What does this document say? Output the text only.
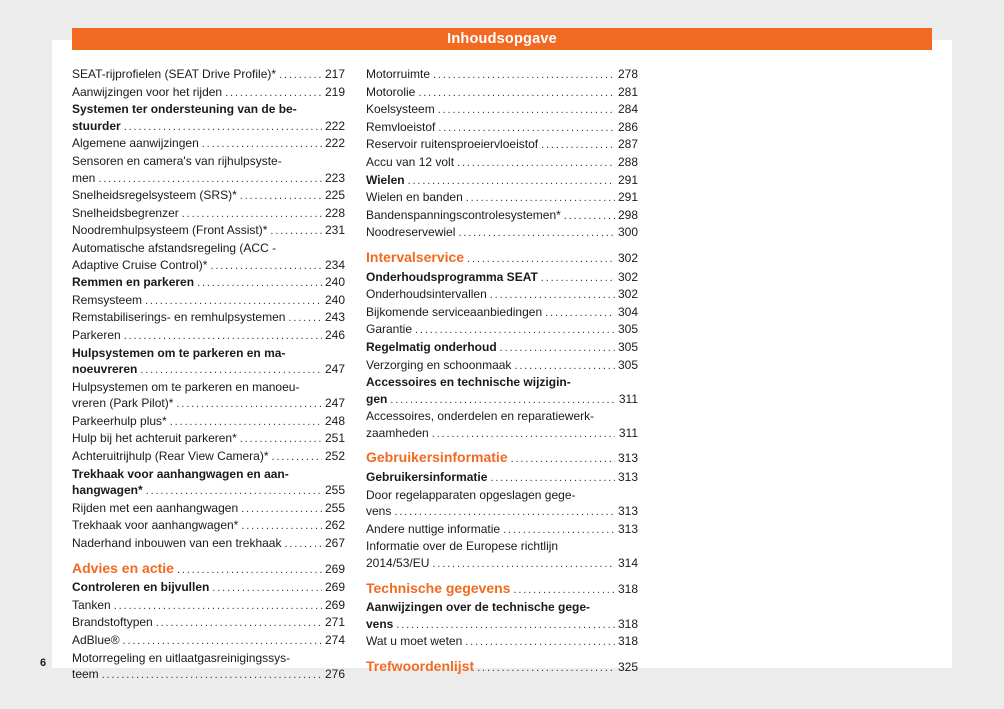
Inhoudsopgave
SEAT-rijprofielen (SEAT Drive Profile)* . . .	217
Aanwijzingen voor het rijden . . .	219
Systemen ter ondersteuning van de be-
stuurder . . .	222
Algemene aanwijzingen . . .	222
Sensoren en camera's van rijhulpsyste-
men . . .	223
Snelheidsregelsysteem (SRS)* . . .	225
Snelheidsbegrenzer . . .	228
Noodremhulpsysteem (Front Assist)* . . .	231
Automatische afstandsregeling (ACC -
Adaptive Cruise Control)* . . .	234
Remmen en parkeren . . .	240
Remsysteem . . .	240
Remstabiliserings- en remhulpsystemen . . .	243
Parkeren . . .	246
Hulpsystemen om te parkeren en ma-
noeuvreren . . .	247
Hulpsystemen om te parkeren en manoeu-
vreren (Park Pilot)* . . .	247
Parkeerhulp plus* . . .	248
Hulp bij het achteruit parkeren* . . .	251
Achteruitrijhulp (Rear View Camera)* . . .	252
Trekhaak voor aanhangwagen en aan-
hangwagen* . . .	255
Rijden met een aanhangwagen . . .	255
Trekhaak voor aanhangwagen* . . .	262
Naderhand inbouwen van een trekhaak . . .	267
Advies en actie . . .	269
Controleren en bijvullen . . .	269
Tanken . . .	269
Brandstoftypen . . .	271
AdBlue® . . .	274
Motorregeling en uitlaatgasreinigingssys-
teem . . .	276
Motorruimte . . .	278
Motorolie . . .	281
Koelsysteem . . .	284
Remvloeistof . . .	286
Reservoir ruitensproeiervloeistof . . .	287
Accu van 12 volt . . .	288
Wielen . . .	291
Wielen en banden . . .	291
Bandenspanningscontrolesystemen* . . .	298
Noodreservewiel . . .	300
Intervalservice . . .	302
Onderhoudsprogramma SEAT . . .	302
Onderhoudsintervallen . . .	302
Bijkomende serviceaanbiedingen . . .	304
Garantie . . .	305
Regelmatig onderhoud . . .	305
Verzorging en schoonmaak . . .	305
Accessoires en technische wijzigin-
gen . . .	311
Accessoires, onderdelen en reparatiewerk-
zaamheden . . .	311
Gebruikersinformatie . . .	313
Gebruikersinformatie . . .	313
Door regelapparaten opgeslagen gege-
vens . . .	313
Andere nuttige informatie . . .	313
Informatie over de Europese richtlijn
2014/53/EU . . .	314
Technische gegevens . . .	318
Aanwijzingen over de technische gege-
vens . . .	318
Wat u moet weten . . .	318
Trefwoordenlijst . . .	325
6
